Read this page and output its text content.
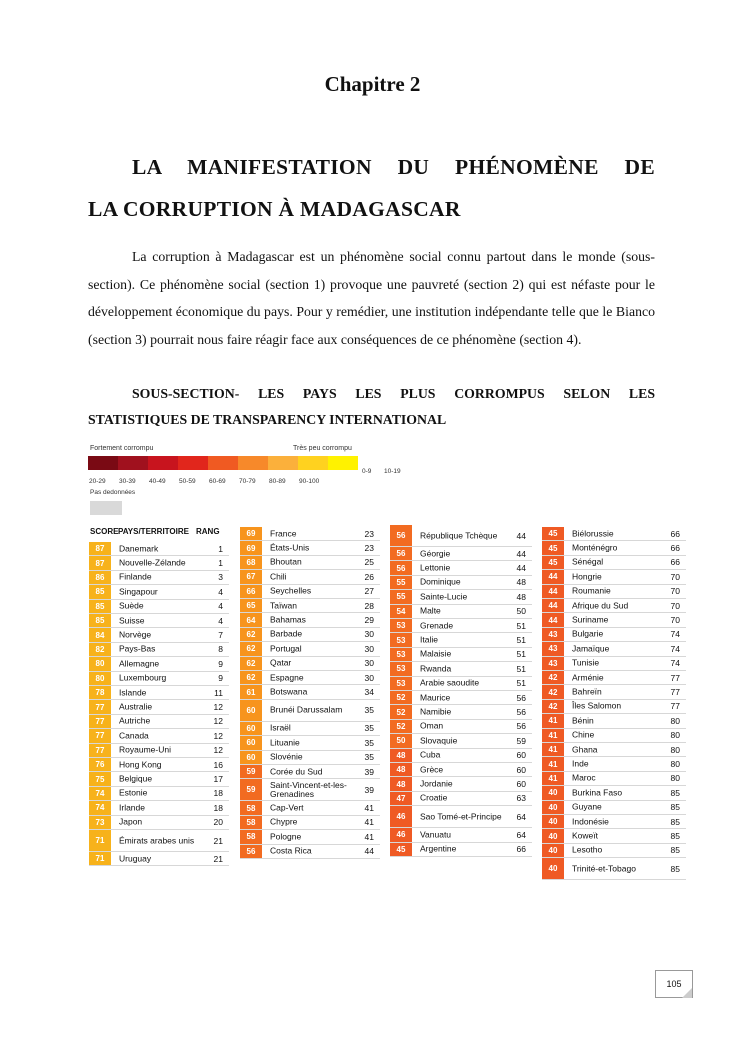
Chapitre 2
LA MANIFESTATION DU PHÉNOMÈNE DE
LA CORRUPTION À MADAGASCAR
La corruption à Madagascar est un phénomène social connu partout dans le monde (sous-section). Ce phénomène social (section 1) provoque une pauvreté (section 2) qui est néfaste pour le développement économique du pays. Pour y remédier, une institution indépendante telle que le Bianco (section 3) pourrait nous faire réagir face aux conséquences de ce phénomène (section 4).
SOUS-SECTION- LES PAYS LES PLUS CORROMPUS SELON LES
STATISTIQUES DE TRANSPARENCY INTERNATIONAL
Fortement corrompu	Très peu corrompu
20-29 30-39 40-49 50-59 60-69 70-79 80-89 90-100
0-9 10-19
Pas dedonnées
SCORE PAYS/TERRITOIRE RANG
87	Danemark	1
87	Nouvelle-Zélande	1
86	Finlande	3
85	Singapour	4
85	Suède	4
85	Suisse	4
84	Norvège	7
82	Pays-Bas	8
80	Allemagne	9
80	Luxembourg	9
78	Islande	11
77	Australie	12
77	Autriche	12
77	Canada	12
77	Royaume-Uni	12
76	Hong Kong	16
75	Belgique	17
74	Estonie	18
74	Irlande	18
73	Japon	20
71	Émirats arabes unis	21
71	Uruguay	21
69	France	23
69	États-Unis	23
68	Bhoutan	25
67	Chili	26
66	Seychelles	27
65	Taïwan	28
64	Bahamas	29
62	Barbade	30
62	Portugal	30
62	Qatar	30
62	Espagne	30
61	Botswana	34
60	Brunéi Darussalam	35
60	Israël	35
60	Lituanie	35
60	Slovénie	35
59	Corée du Sud	39
59	Saint-Vincent-et-les-Grenadines	39
58	Cap-Vert	41
58	Chypre	41
58	Pologne	41
56	Costa Rica	44
56	République Tchèque	44
56	Géorgie	44
56	Lettonie	44
55	Dominique	48
55	Sainte-Lucie	48
54	Malte	50
53	Grenade	51
53	Italie	51
53	Malaisie	51
53	Rwanda	51
53	Arabie saoudite	51
52	Maurice	56
52	Namibie	56
52	Oman	56
50	Slovaquie	59
48	Cuba	60
48	Grèce	60
48	Jordanie	60
47	Croatie	63
46	Sao Tomé-et-Principe 64
46	Vanuatu	64
45	Argentine	66
45	Biélorussie	66
45	Monténégro	66
45	Sénégal	66
44	Hongrie	70
44	Roumanie	70
44	Afrique du Sud	70
44	Suriname	70
43	Bulgarie	74
43	Jamaïque	74
43	Tunisie	74
42	Arménie	77
42	Bahreïn	77
42	Îles Salomon	77
41	Bénin	80
41	Chine	80
41	Ghana	80
41	Inde	80
41	Maroc	80
40	Burkina Faso	85
40	Guyane	85
40	Indonésie	85
40	Koweït	85
40	Lesotho	85
40	Trinité-et-Tobago	85
105
